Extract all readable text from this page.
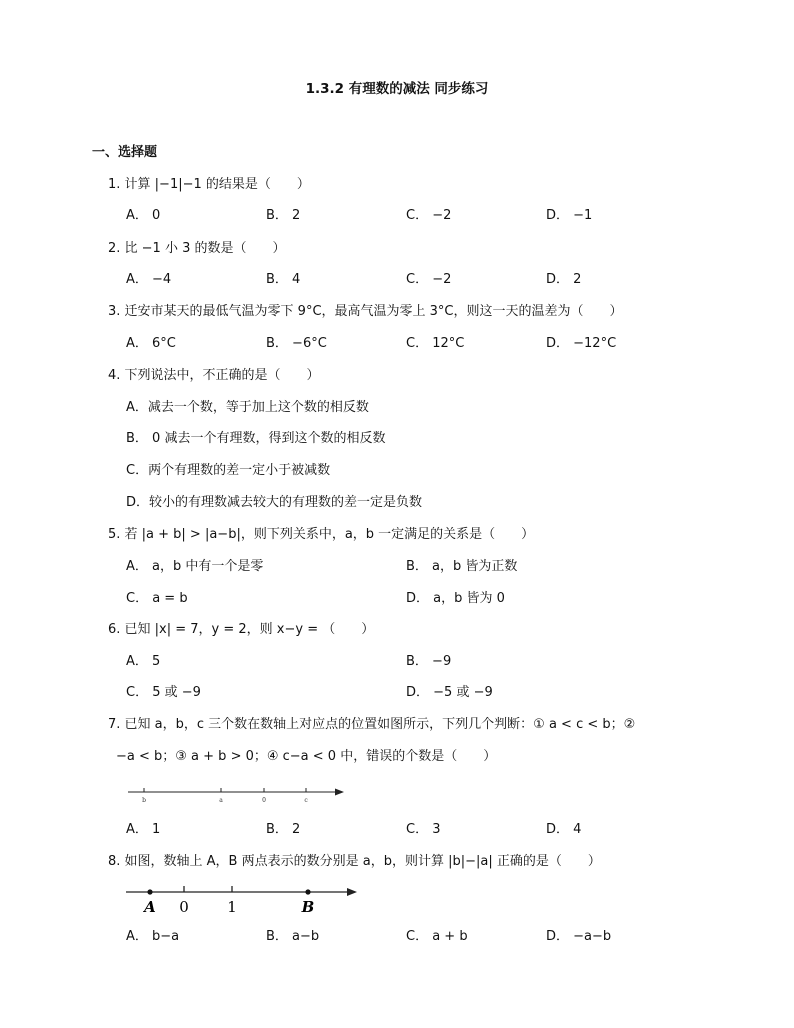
1.3.2 有理数的减法 同步练习
一、选择题
1. 计算 |−1|−1 的结果是（　　）
A． 0	B． 2	C． −2	D． −1
2. 比 −1 小 3 的数是（　　）
A． −4	B． 4	C． −2	D． 2
3. 迁安市某天的最低气温为零下 9°C，最高气温为零上 3°C，则这一天的温差为（　　）
A． 6°C	B． −6°C	C． 12°C	D． −12°C
4. 下列说法中，不正确的是（　　）
A．减去一个数，等于加上这个数的相反数
B． 0 减去一个有理数，得到这个数的相反数
C．两个有理数的差一定小于被减数
D．较小的有理数减去较大的有理数的差一定是负数
5. 若 |a + b| > |a−b|，则下列关系中，a，b 一定满足的关系是（　　）
A． a，b 中有一个是零	B． a，b 皆为正数
C． a = b	D． a，b 皆为 0
6. 已知 |x| = 7，y = 2，则 x−y = （　　）
A． 5	B． −9
C． 5 或 −9	D． −5 或 −9
7. 已知 a，b，c 三个数在数轴上对应点的位置如图所示，下列几个判断：① a < c < b；②
−a < b；③ a + b > 0；④ c−a < 0 中，错误的个数是（　　）
b	a	0	c
A． 1	B． 2	C． 3	D． 4
8. 如图，数轴上 A，B 两点表示的数分别是 a，b，则计算 |b|−|a| 正确的是（　　）
A 0	1	B
A． b−a	B． a−b	C． a + b	D． −a−b
